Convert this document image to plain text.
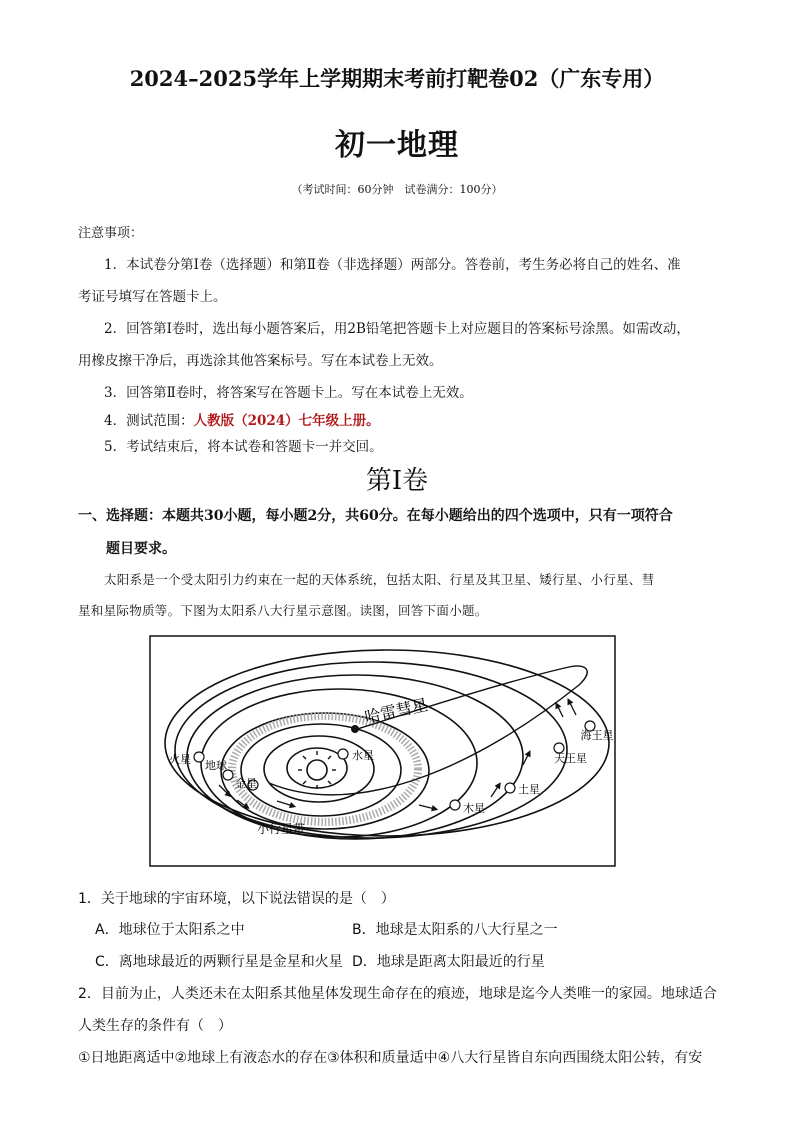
2024–2025学年上学期期末考前打靶卷02（广东专用）
初一地理
（考试时间：60分钟　试卷满分：100分）
注意事项：
1．本试卷分第Ⅰ卷（选择题）和第Ⅱ卷（非选择题）两部分。答卷前，考生务必将自己的姓名、准
考证号填写在答题卡上。
2．回答第Ⅰ卷时，选出每小题答案后，用2B铅笔把答题卡上对应题目的答案标号涂黑。如需改动，
用橡皮擦干净后，再选涂其他答案标号。写在本试卷上无效。
3．回答第Ⅱ卷时，将答案写在答题卡上。写在本试卷上无效。
4．测试范围：人教版（2024）七年级上册。
5．考试结束后，将本试卷和答题卡一并交回。
第Ⅰ卷
一、选择题：本题共30小题，每小题2分，共60分。在每小题给出的四个选项中，只有一项符合
题目要求。
太阳系是一个受太阳引力约束在一起的天体系统，包括太阳、行星及其卫星、矮行星、小行星、彗
星和星际物质等。下图为太阳系八大行星示意图。读图，回答下面小题。
哈雷彗星
水星
火星 地球
金星
木星
土星
天王星
海王星
小行星带
1．关于地球的宇宙环境，以下说法错误的是（　）
A．地球位于太阳系之中	B．地球是太阳系的八大行星之一
C．离地球最近的两颗行星是金星和火星 D．地球是距离太阳最近的行星
2．目前为止，人类还未在太阳系其他星体发现生命存在的痕迹，地球是迄今人类唯一的家园。地球适合
人类生存的条件有（　）
①日地距离适中②地球上有液态水的存在③体积和质量适中④八大行星皆自东向西围绕太阳公转，有安
